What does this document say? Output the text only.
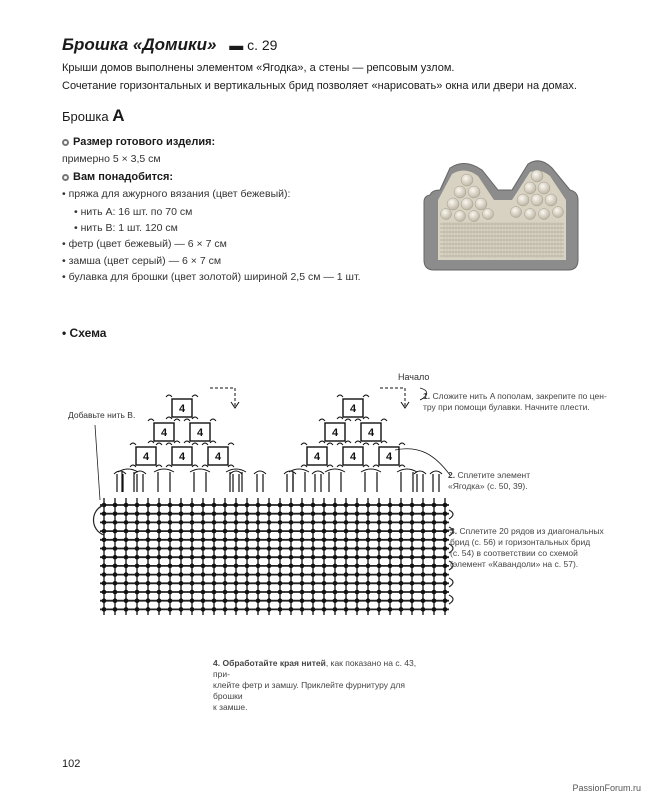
Брошка «Домики» ▬ с. 29
Крыши домов выполнены элементом «Ягодка», а стены — репсовым узлом.
Сочетание горизонтальных и вертикальных брид позволяет «нарисовать» окна или двери на домах.
Брошка A
Размер готового изделия:
примерно 5 × 3,5 см
Вам понадобится:
• пряжа для ажурного вязания (цвет бежевый):
• нить A: 16 шт. по 70 см
• нить B: 1 шт. 120 см
• фетр (цвет бежевый) — 6 × 7 см
• замша (цвет серый) — 6 × 7 см
• булавка для брошки (цвет золотой) шириной 2,5 см — 1 шт.
• Схема
4
4	4
4	4	4
4
4	4
4	4	4
Начало
Добавьте нить B.
1. Сложите нить A пополам, закрепите по цен-
тру при помощи булавки. Начните плести.
2. Сплетите элемент
«Ягодка» (с. 50, 39).
3. Сплетите 20 рядов из диагональных
брид (с. 56) и горизонтальных брид
(с. 54) в соответствии со схемой
(элемент «Кавандоли» на с. 57).
4. Обработайте края нитей, как показано на с. 43, при-
клейте фетр и замшу. Приклейте фурнитуру для брошки
к замше.
102
PassionForum.ru
